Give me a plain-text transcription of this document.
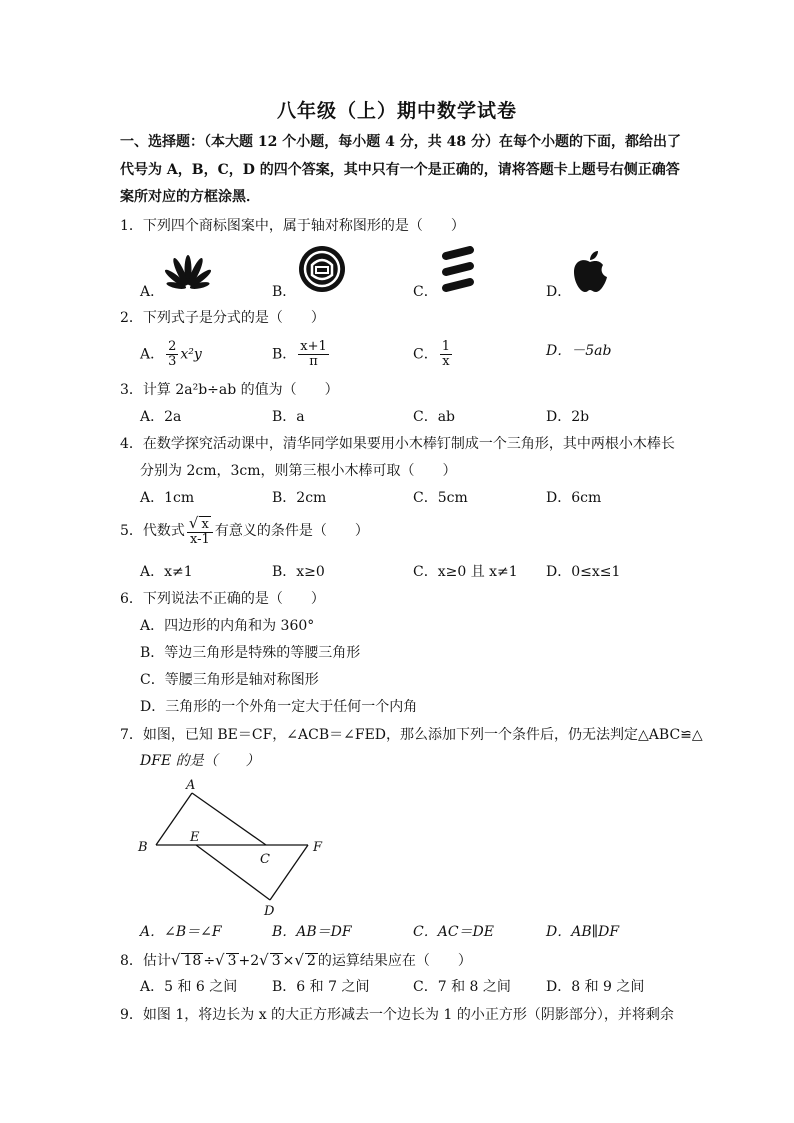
八年级（上）期中数学试卷
一、选择题：（本大题 12 个小题，每小题 4 分，共 48 分）在每个小题的下面，都给出了
代号为 A，B，C，D 的四个答案，其中只有一个是正确的，请将答题卡上题号右侧正确答
案所对应的方框涂黑．
1．下列四个商标图案中，属于轴对称图形的是（　　）
A．	B．	C．	D．
2．下列式子是分式的是（　　）
A． $\frac{2}{3} x^2y$	B． $\frac{x+1}{\pi}$	C． $\frac{1}{x}$	D．－5ab
3．计算 2a²b÷ab 的值为（　　）
A．2a	B．a	C．ab	D．2b
4．在数学探究活动课中，清华同学如果要用小木棒钉制成一个三角形，其中两根小木棒长
分别为 2cm，3cm，则第三根小木棒可取（　　）
A．1cm	B．2cm	C．5cm	D．6cm
5．代数式 $\frac{√ x}{x-1}$ 有意义的条件是（　　）
A．x≠1	B．x≥0	C．x≥0 且 x≠1 D．0≤x≤1
6．下列说法不正确的是（　　）
A．四边形的内角和为 360°
B．等边三角形是特殊的等腰三角形
C．等腰三角形是轴对称图形
D．三角形的一个外角一定大于任何一个内角
7．如图，已知 BE＝CF，∠ACB＝∠FED，那么添加下列一个条件后，仍无法判定△ABC≌△
DFE 的是（　　）
A
B
E
C
F
D
A．∠B＝∠F	B．AB＝DF	C．AC＝DE	D．AB∥DF
8．估计√ 18 ÷√ 3 +2√ 3 ×√ 2 的运算结果应在（　　）
A．5 和 6 之间 B．6 和 7 之间	C．7 和 8 之间	D．8 和 9 之间
9．如图 1，将边长为 x 的大正方形减去一个边长为 1 的小正方形（阴影部分），并将剩余
